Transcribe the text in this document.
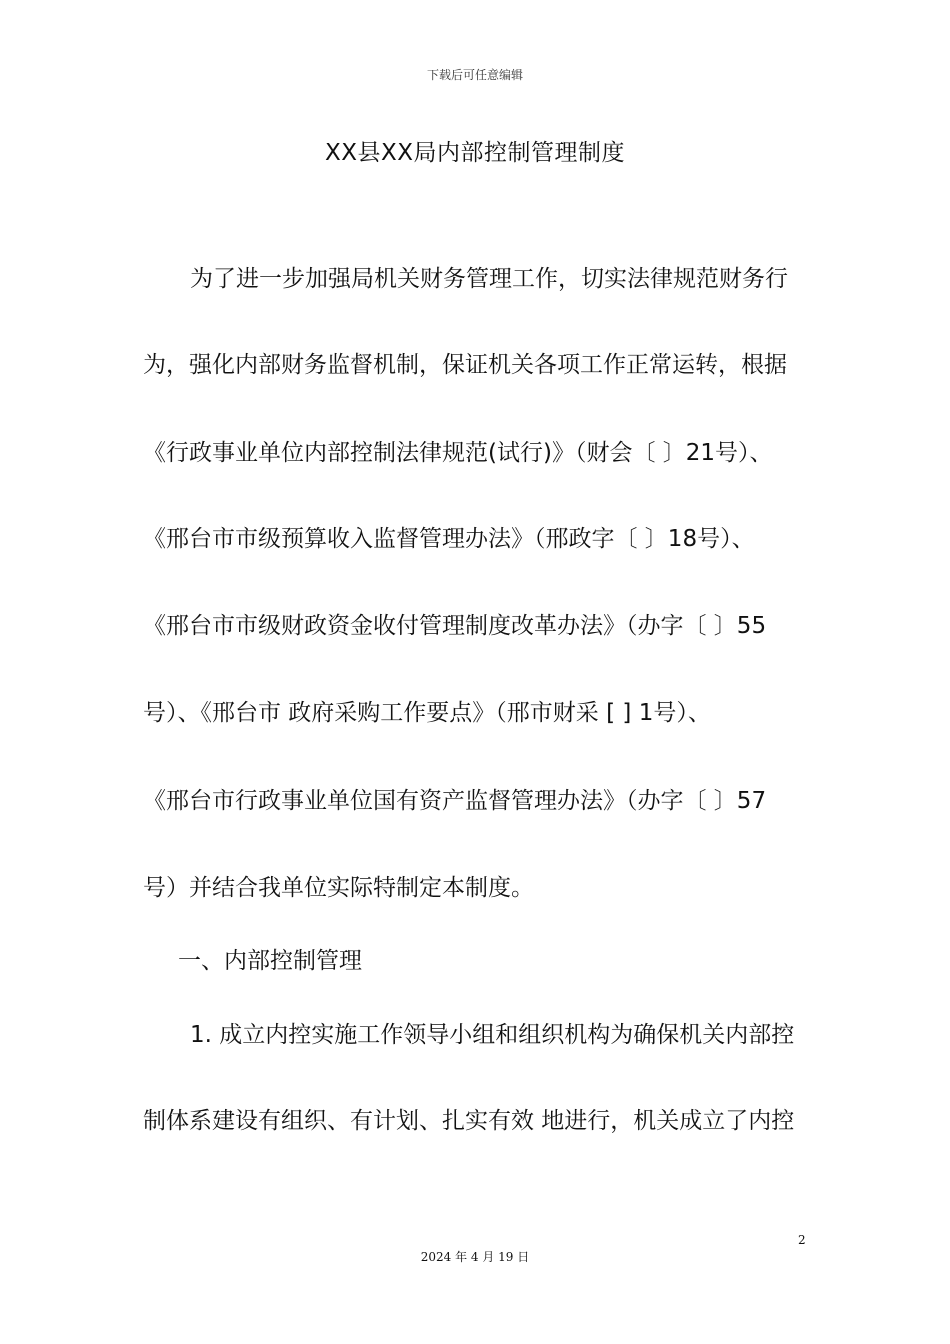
下载后可任意编辑
XX县XX局内部控制管理制度
为了进一步加强局机关财务管理工作，切实法律规范财务行
为，强化内部财务监督机制，保证机关各项工作正常运转，根据
《行政事业单位内部控制法律规范(试行)》（财会〔 〕21号）、
《邢台市市级预算收入监督管理办法》（邢政字〔 〕18号）、
《邢台市市级财政资金收付管理制度改革办法》（办字〔 〕55
号）、《邢台市 政府采购工作要点》（邢市财采 [ ] 1号）、
《邢台市行政事业单位国有资产监督管理办法》（办字〔 〕57
号）并结合我单位实际特制定本制度。
一、内部控制管理
1. 成立内控实施工作领导小组和组织机构为确保机关内部控
制体系建设有组织、有计划、扎实有效 地进行，机关成立了内控
2
2024 年 4 月 19 日
